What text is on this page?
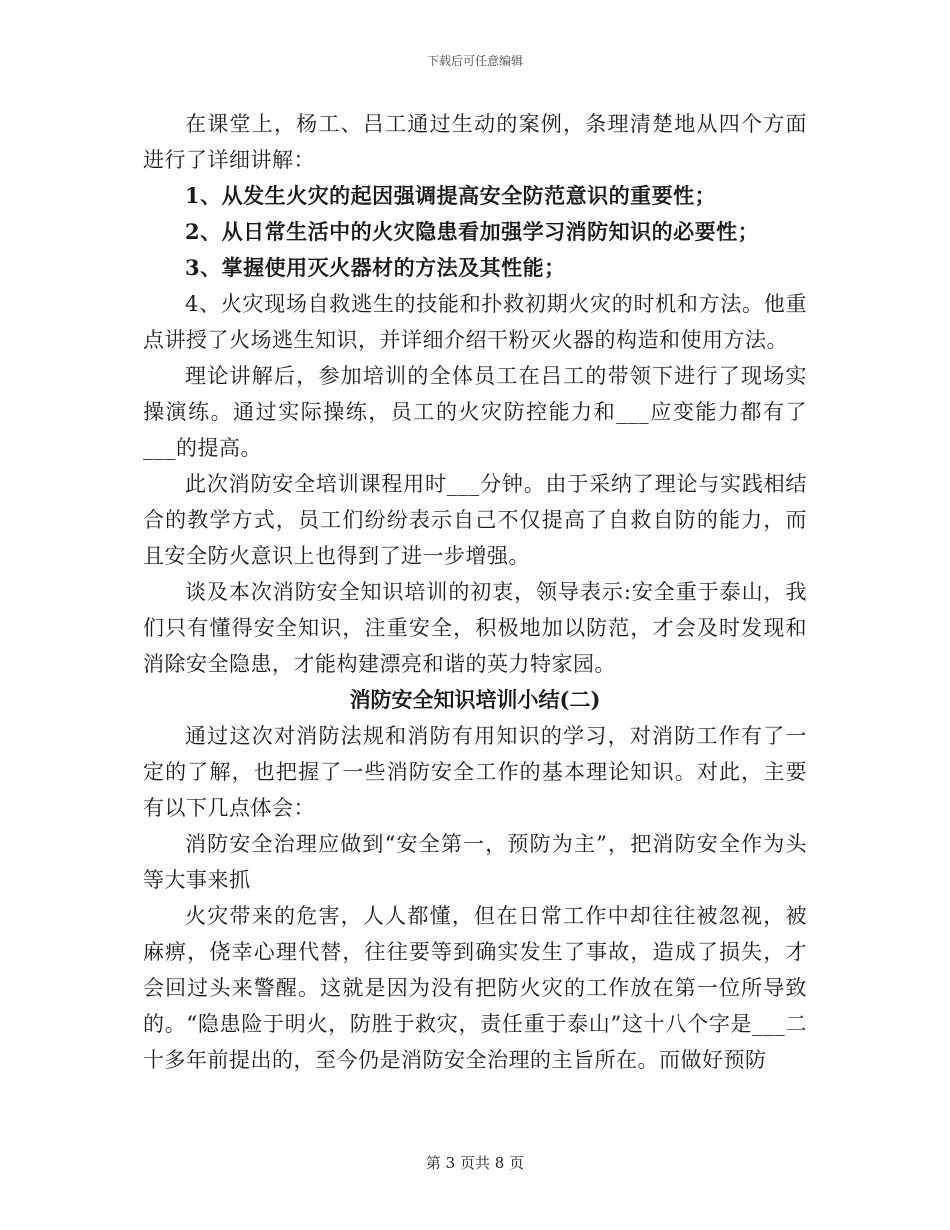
下载后可任意编辑

在课堂上，杨工、吕工通过生动的案例，条理清楚地从四个方面进行了详细讲解：

1、从发生火灾的起因强调提高安全防范意识的重要性；

2、从日常生活中的火灾隐患看加强学习消防知识的必要性；

3、掌握使用灭火器材的方法及其性能；

4、火灾现场自救逃生的技能和扑救初期火灾的时机和方法。他重点讲授了火场逃生知识，并详细介绍干粉灭火器的构造和使用方法。

理论讲解后，参加培训的全体员工在吕工的带领下进行了现场实操演练。通过实际操练，员工的火灾防控能力和___应变能力都有了___的提高。

此次消防安全培训课程用时___分钟。由于采纳了理论与实践相结合的教学方式，员工们纷纷表示自己不仅提高了自救自防的能力，而且安全防火意识上也得到了进一步增强。

谈及本次消防安全知识培训的初衷，领导表示:安全重于泰山，我们只有懂得安全知识，注重安全，积极地加以防范，才会及时发现和消除安全隐患，才能构建漂亮和谐的英力特家园。

消防安全知识培训小结(二)

通过这次对消防法规和消防有用知识的学习，对消防工作有了一定的了解，也把握了一些消防安全工作的基本理论知识。对此，主要有以下几点体会：

消防安全治理应做到“安全第一，预防为主”，把消防安全作为头等大事来抓

火灾带来的危害，人人都懂，但在日常工作中却往往被忽视，被麻痹，侥幸心理代替，往往要等到确实发生了事故，造成了损失，才会回过头来警醒。这就是因为没有把防火灾的工作放在第一位所导致的。“隐患险于明火，防胜于救灾，责任重于泰山”这十八个字是___二十多年前提出的，至今仍是消防安全治理的主旨所在。而做好预防

第 3 页共 8 页
